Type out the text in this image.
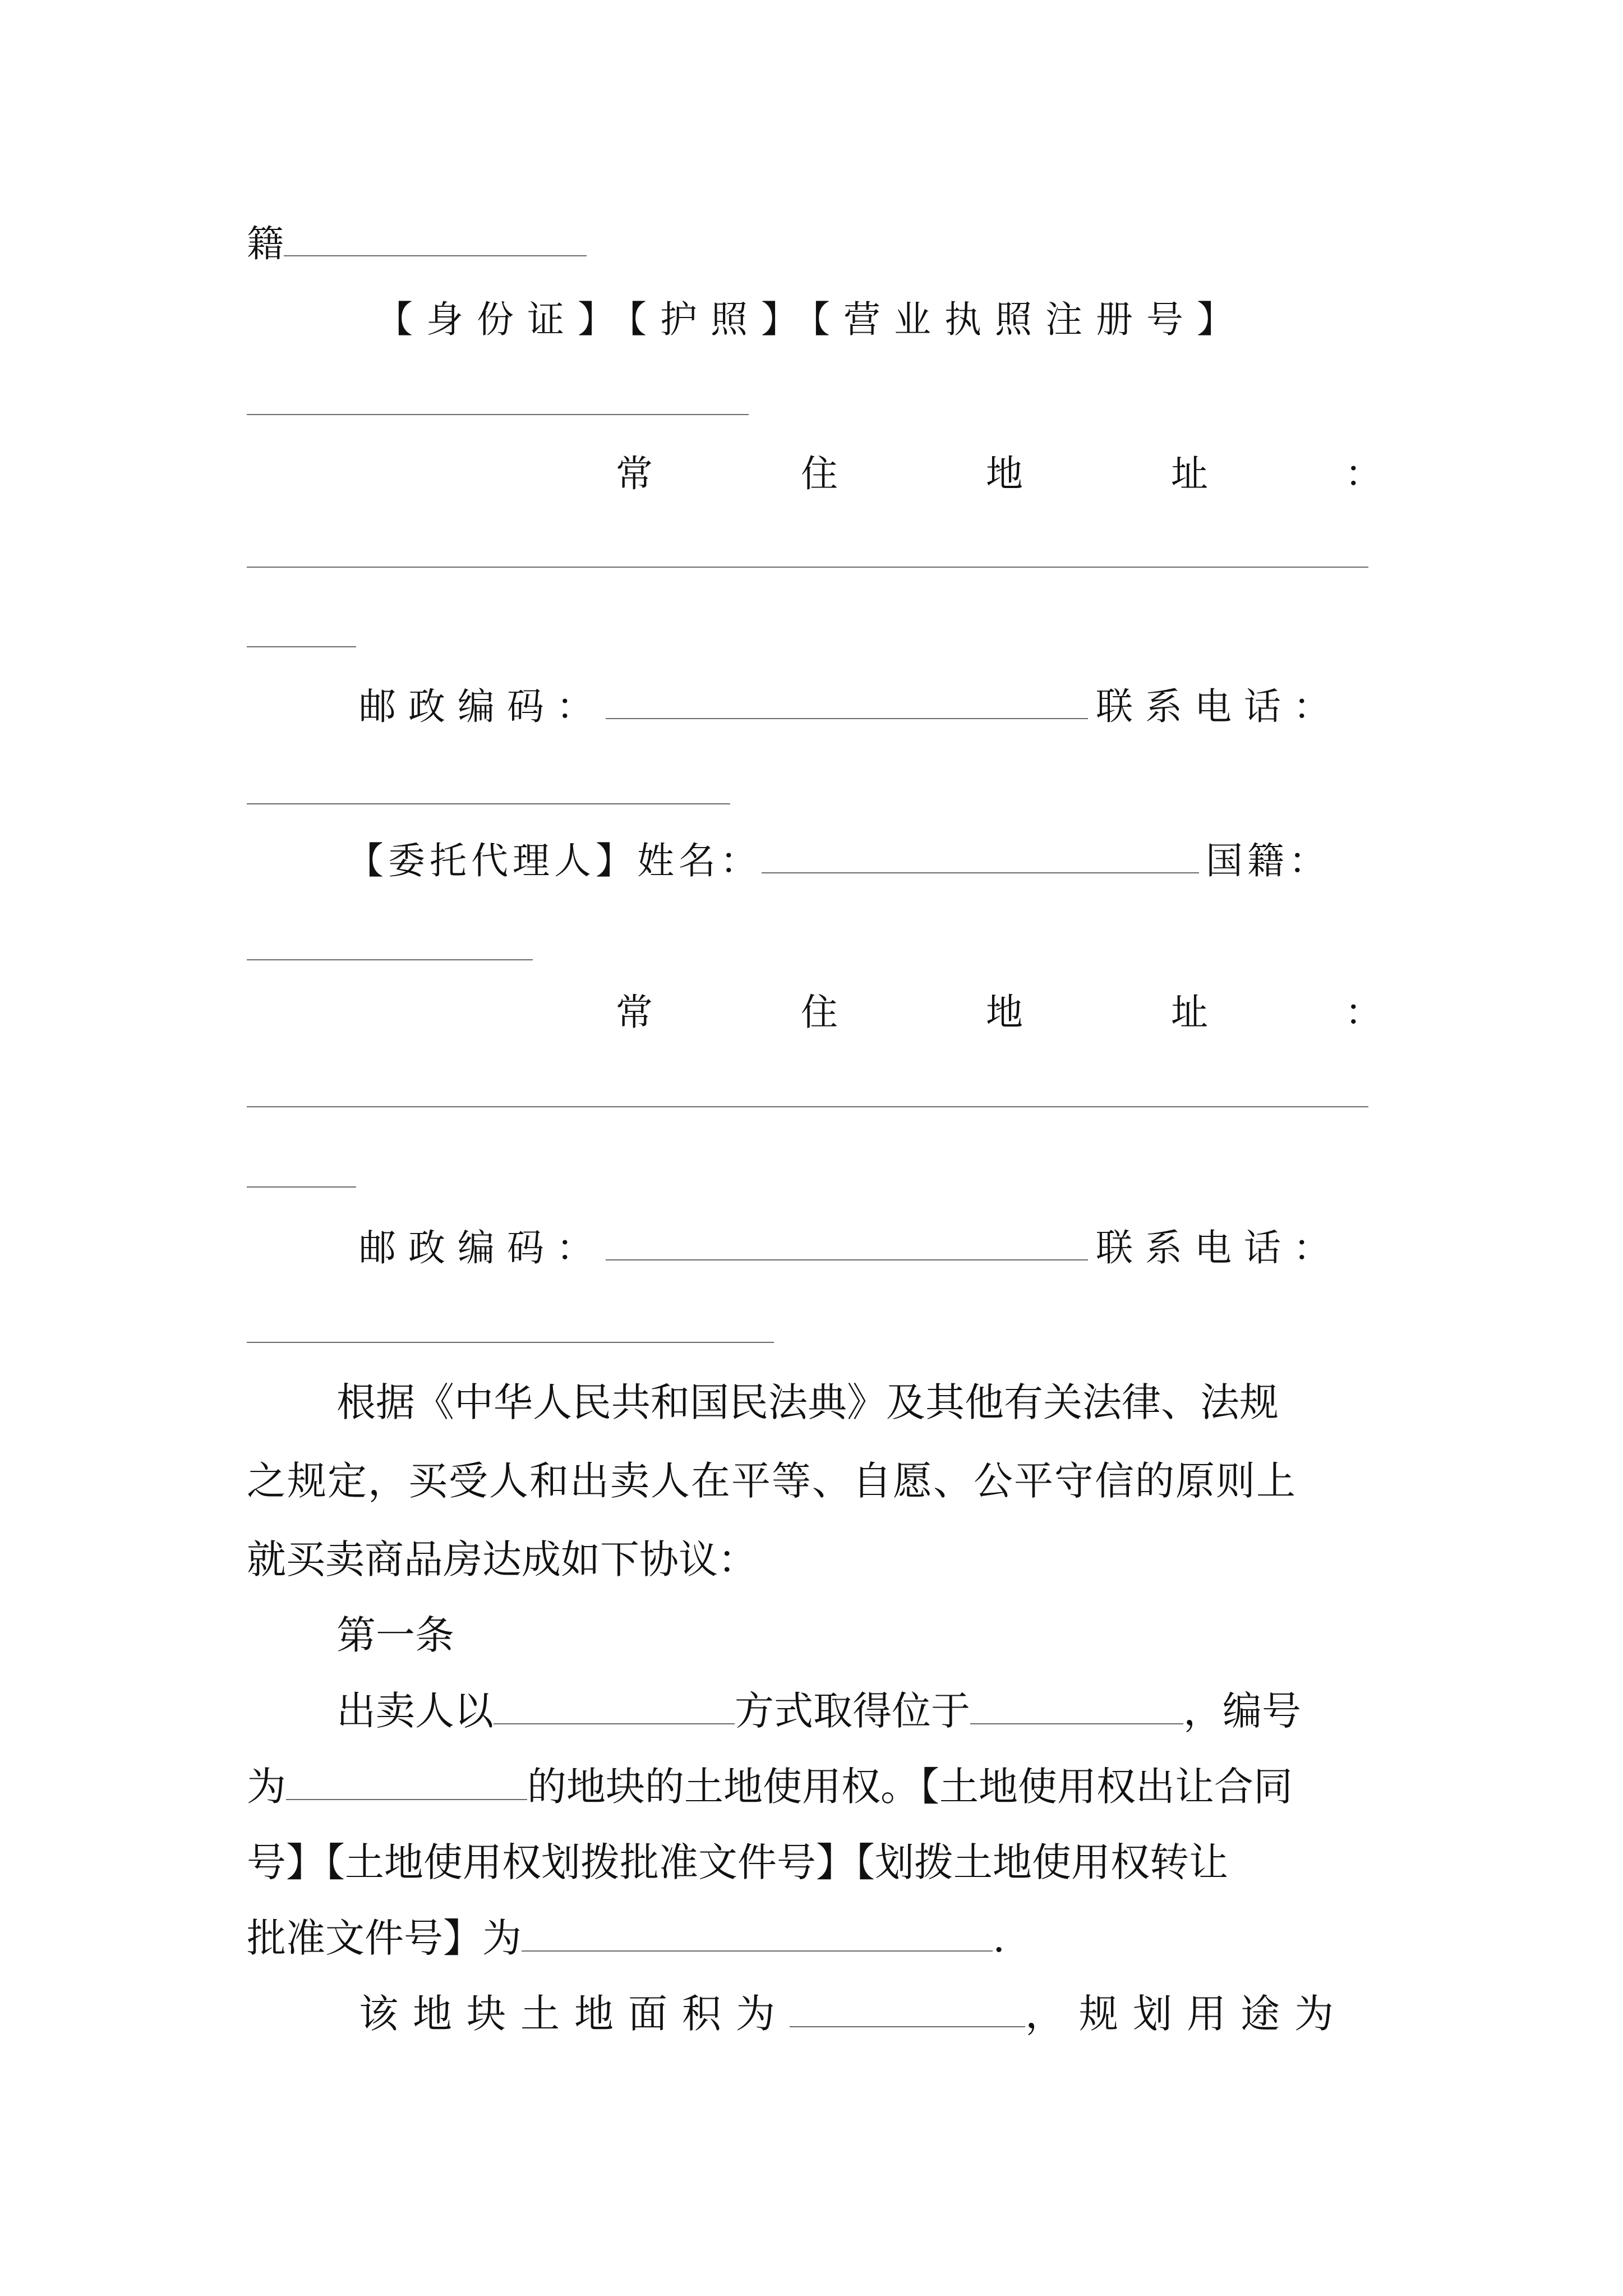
籍
【身份证】【护照】【营业执照注册号】
常	住	地	址	：
邮政编码：	联系电话：
【委托代理人】姓名：	国籍：
常	住	地	址	：
邮政编码：	联系电话：
根据《中华人民共和国民法典》及其他有关法律、法规
之规定，买受人和出卖人在平等、自愿、公平守信的原则上
就买卖商品房达成如下协议：
第一条
出卖人以	方式取得位于	，编号
为	的地块的土地使用权。【土地使用权出让合同
号】【土地使用权划拨批准文件号】【划拨土地使用权转让
批准文件号】为	.
该地块土地面积为	，规划用途为
